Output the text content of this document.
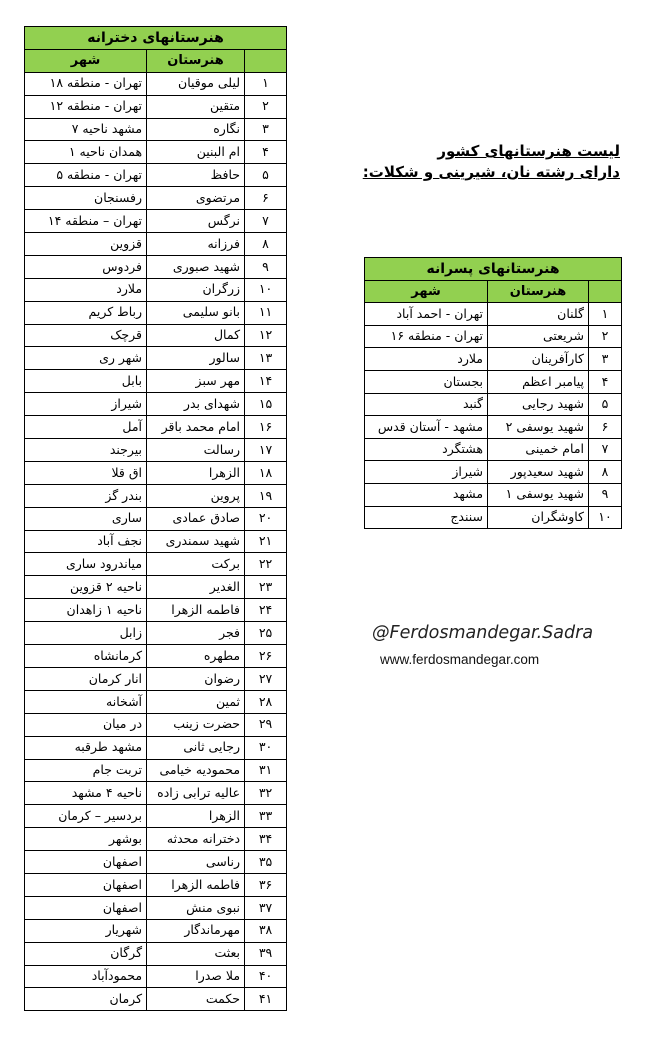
هنرستانهای دخترانه		
	هنرستان	شهر
۱	لیلی موقیان	تهران - منطقه ۱۸
۲	متقین	تهران - منطقه ۱۲
۳	نگاره	مشهد ناحیه ۷
۴	ام البنین	همدان ناحیه ۱
۵	حافظ	تهران - منطقه ۵
۶	مرتضوی	رفسنجان
۷	نرگس	تهران – منطقه ۱۴
۸	فرزانه	قزوین
۹	شهید صبوری	فردوس
۱۰	زرگران	ملارد
۱۱	بانو سلیمی	رباط کریم
۱۲	کمال	قرچک
۱۳	سالور	شهر ری
۱۴	مهر سبز	بابل
۱۵	شهدای بدر	شیراز
۱۶	امام محمد باقر	آمل
۱۷	رسالت	بیرجند
۱۸	الزهرا	اق قلا
۱۹	پروین	بندر گز
۲۰	صادق عمادی	ساری
۲۱	شهید سمندری	نجف آباد
۲۲	برکت	میاندرود ساری
۲۳	الغدیر	ناحیه ۲ قزوین
۲۴	فاطمه الزهرا	ناحیه ۱ زاهدان
۲۵	فجر	زابل
۲۶	مطهره	کرمانشاه
۲۷	رضوان	انار کرمان
۲۸	ثمین	آشخانه
۲۹	حضرت زینب	در میان
۳۰	رجایی ثانی	مشهد طرقبه
۳۱	محمودیه خیامی	تربت جام
۳۲	عالیه ترابی زاده	ناحیه ۴ مشهد
۳۳	الزهرا	بردسیر – کرمان
۳۴	دخترانه محدثه	بوشهر
۳۵	رناسی	اصفهان
۳۶	فاطمه الزهرا	اصفهان
۳۷	نبوی منش	اصفهان
۳۸	مهرماندگار	شهریار
۳۹	بعثت	گرگان
۴۰	ملا صدرا	محمودآباد
۴۱	حکمت	کرمان
لیست هنرستانهای کشور
دارای رشته نان، شیرینی و شکلات:
هنرستانهای پسرانه		
	هنرستان	شهر
۱	گلنان	تهران - احمد آباد
۲	شریعتی	تهران - منطقه ۱۶
۳	کارآفرینان	ملارد
۴	پیامبر اعظم	بجستان
۵	شهید رجایی	گنبد
۶	شهید یوسفی ۲	مشهد - آستان قدس
۷	امام خمینی	هشتگرد
۸	شهید سعیدپور	شیراز
۹	شهید یوسفی ۱	مشهد
۱۰	کاوشگران	سنندج
@Ferdosmandegar.Sadra
www.ferdosmandegar.com
